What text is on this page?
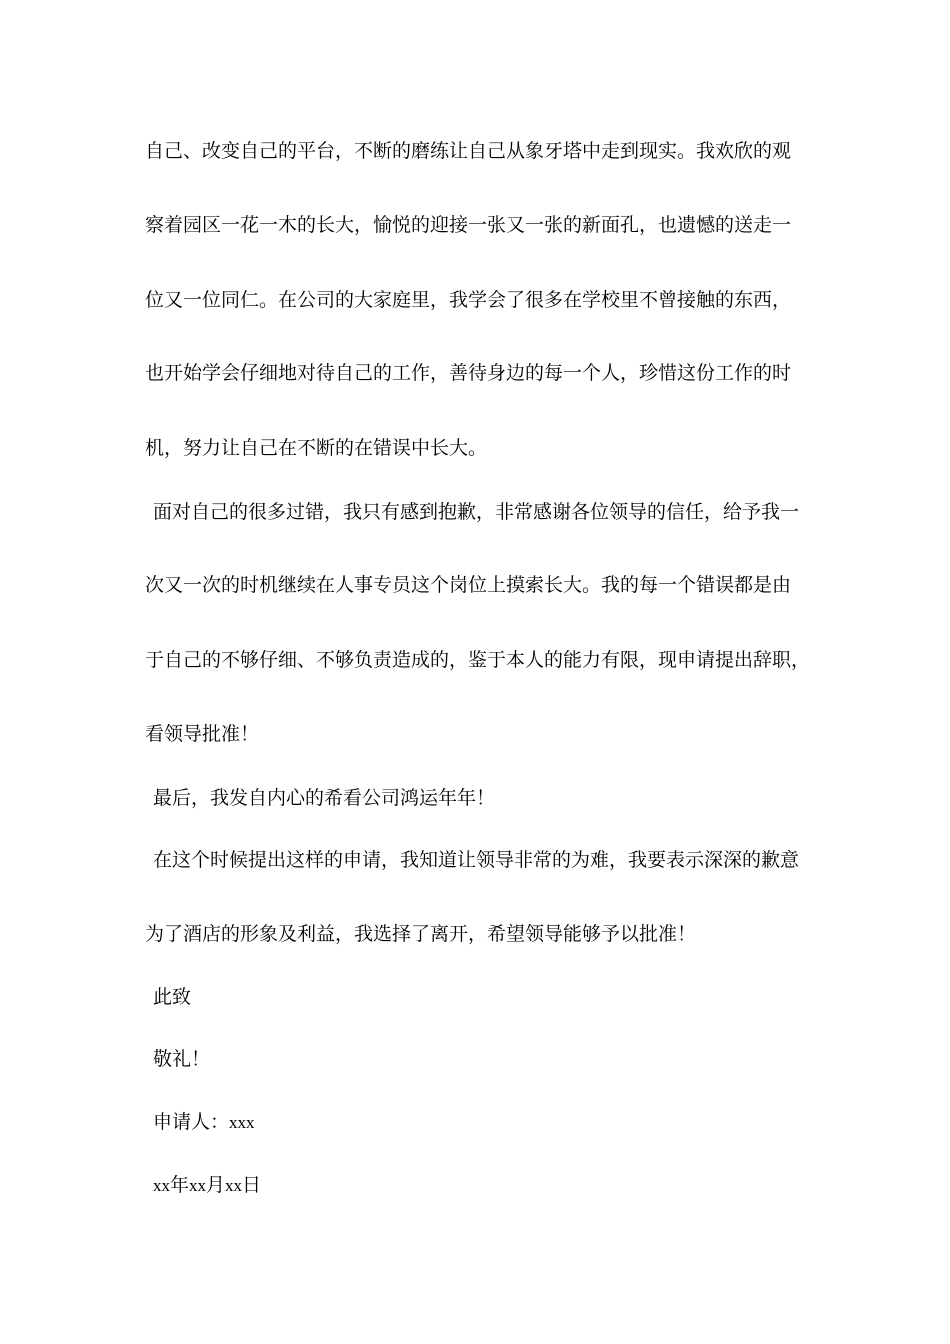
自己、改变自己的平台，不断的磨练让自己从象牙塔中走到现实。我欢欣的观
察着园区一花一木的长大，愉悦的迎接一张又一张的新面孔，也遗憾的送走一
位又一位同仁。在公司的大家庭里，我学会了很多在学校里不曾接触的东西，
也开始学会仔细地对待自己的工作，善待身边的每一个人，珍惜这份工作的时
机，努力让自己在不断的在错误中长大。
面对自己的很多过错，我只有感到抱歉，非常感谢各位领导的信任，给予我一
次又一次的时机继续在人事专员这个岗位上摸索长大。我的每一个错误都是由
于自己的不够仔细、不够负责造成的，鉴于本人的能力有限，现申请提出辞职，
看领导批准！
最后，我发自内心的希看公司鸿运年年！
在这个时候提出这样的申请，我知道让领导非常的为难，我要表示深深的歉意
为了酒店的形象及利益，我选择了离开，希望领导能够予以批准！
此致
敬礼！
申请人：xxx
xx年xx月xx日
